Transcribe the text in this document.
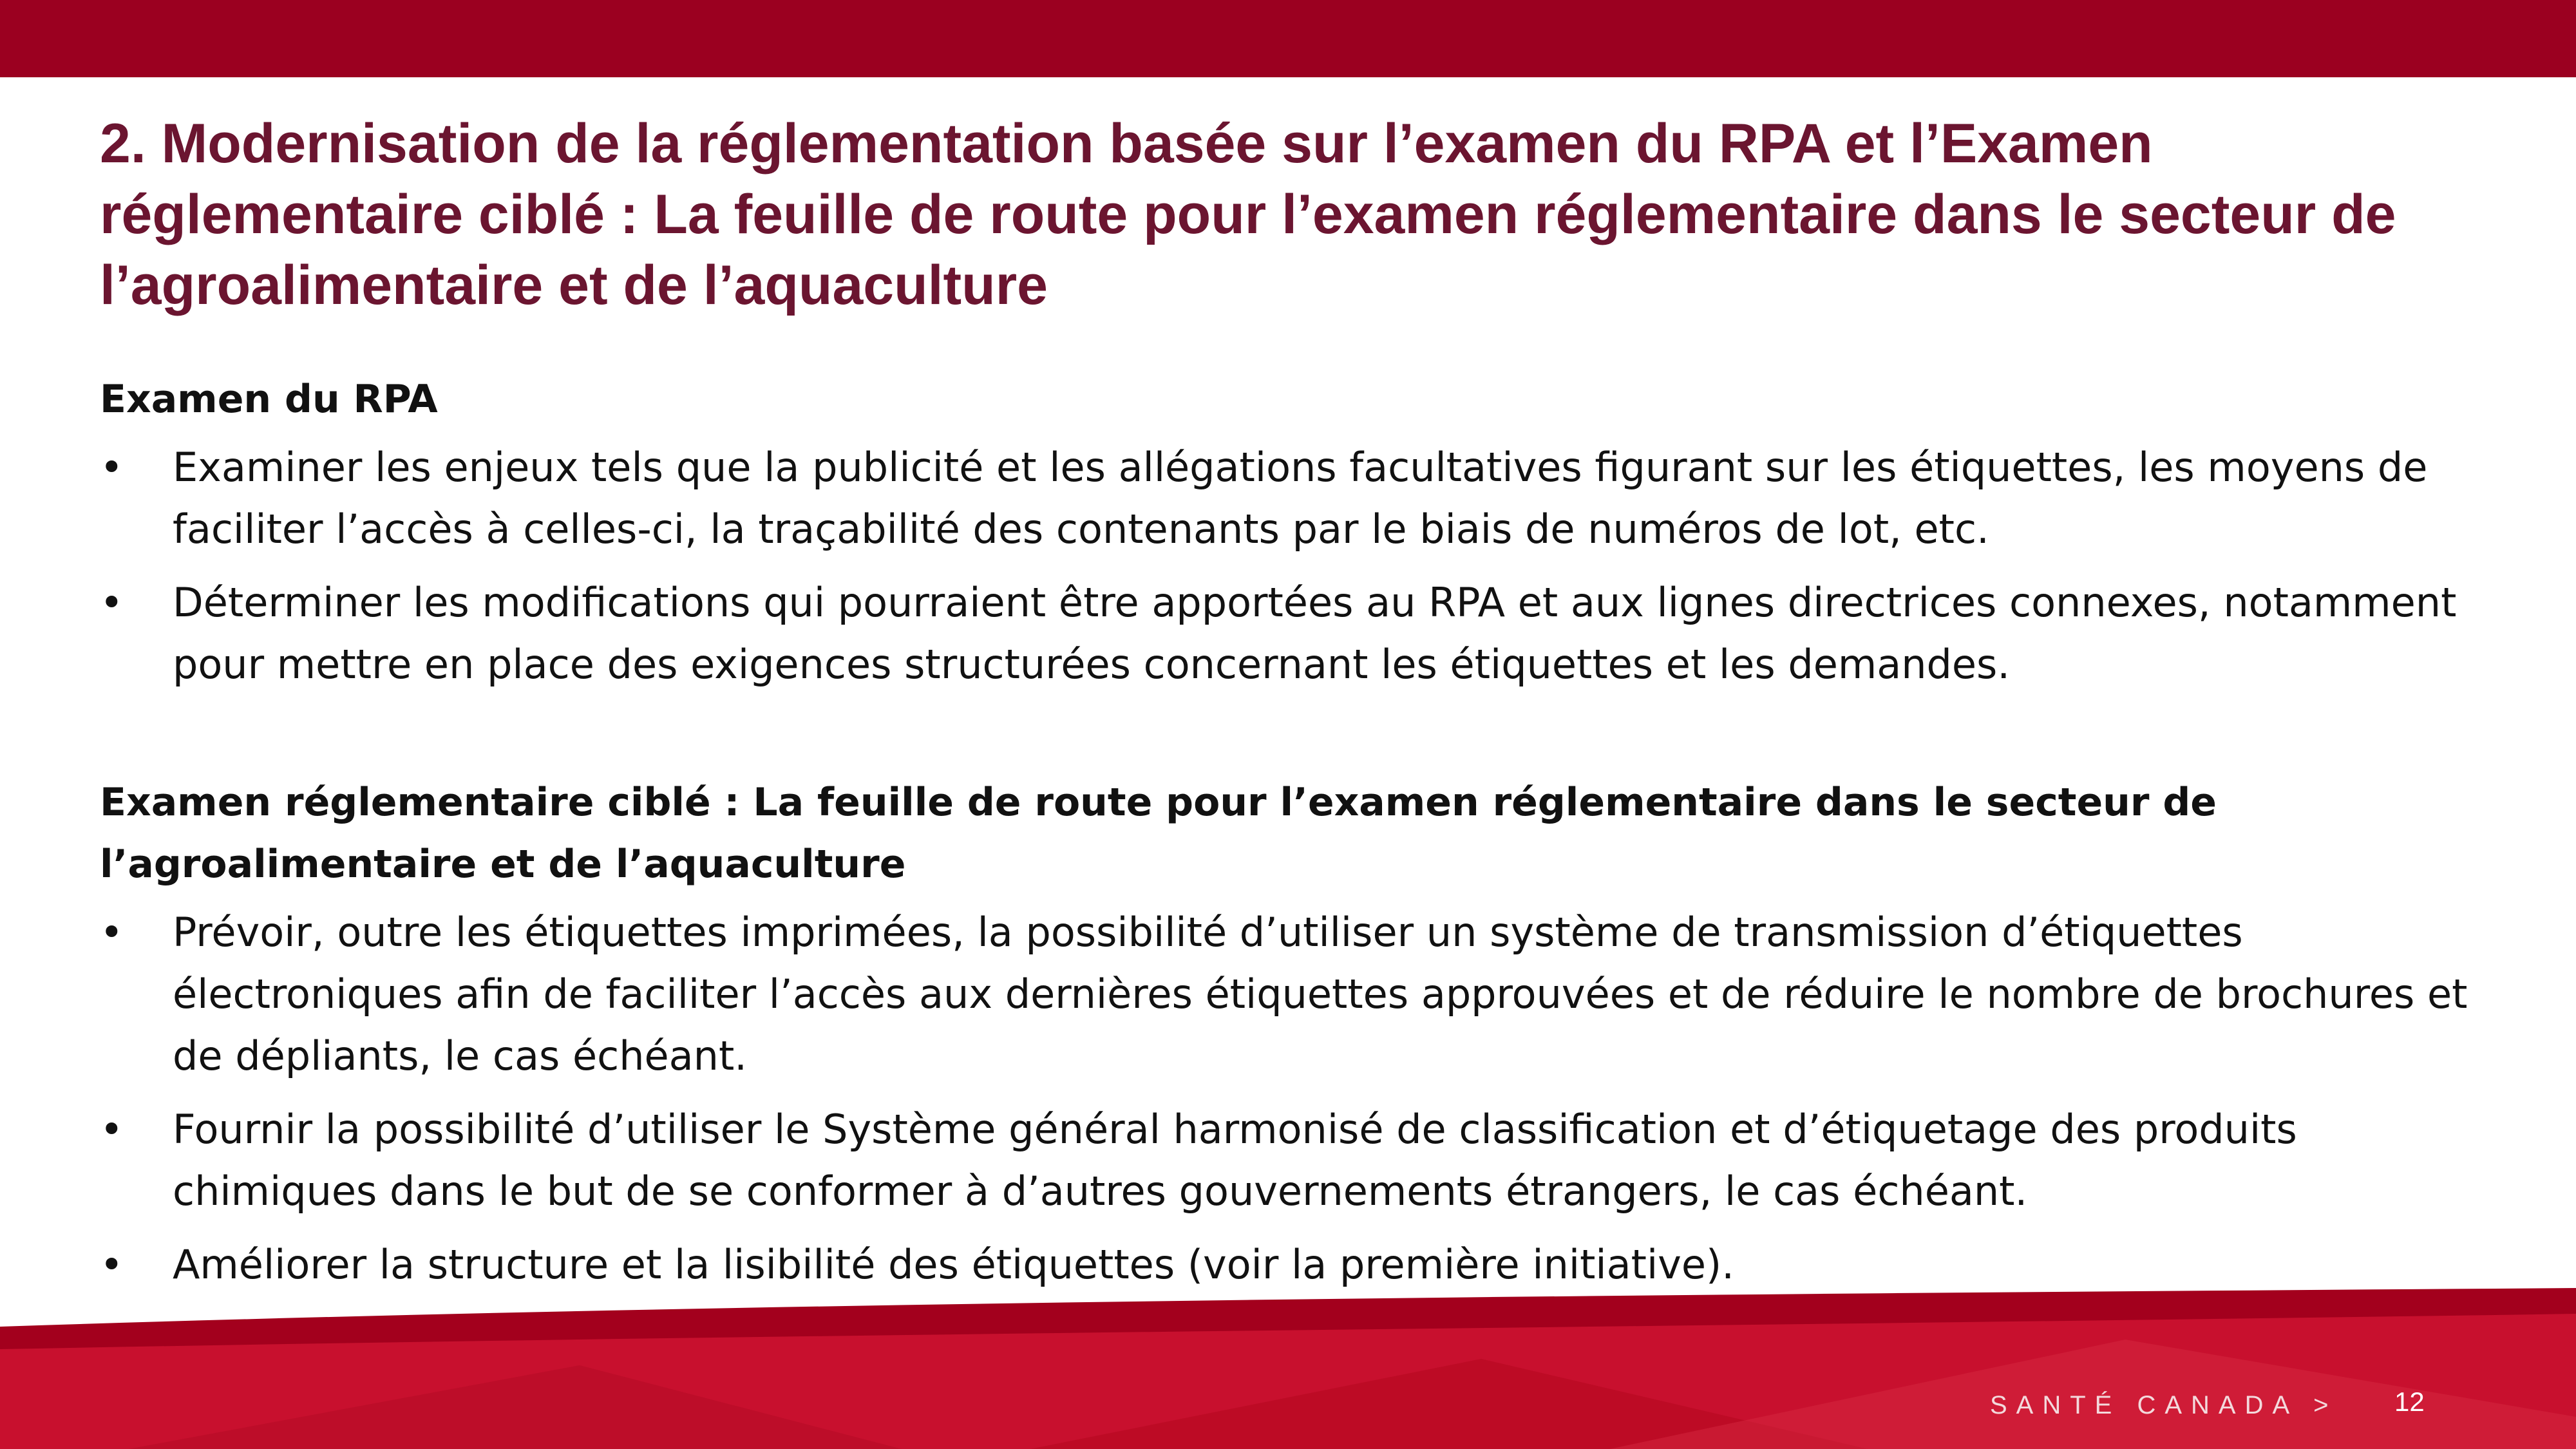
2. Modernisation de la réglementation basée sur l’examen du RPA et l’Examen réglementaire ciblé : La feuille de route pour l’examen réglementaire dans le secteur de l’agroalimentaire et de l’aquaculture
Examen du RPA
•	Examiner les enjeux tels que la publicité et les allégations facultatives figurant sur les étiquettes, les moyens de faciliter l’accès à celles-ci, la traçabilité des contenants par le biais de numéros de lot, etc.
•	Déterminer les modifications qui pourraient être apportées au RPA et aux lignes directrices connexes, notamment pour mettre en place des exigences structurées concernant les étiquettes et les demandes.
Examen réglementaire ciblé : La feuille de route pour l’examen réglementaire dans le secteur de l’agroalimentaire et de l’aquaculture
•	Prévoir, outre les étiquettes imprimées, la possibilité d’utiliser un système de transmission d’étiquettes électroniques afin de faciliter l’accès aux dernières étiquettes approuvées et de réduire le nombre de brochures et de dépliants, le cas échéant.
•	Fournir la possibilité d’utiliser le Système général harmonisé de classification et d’étiquetage des produits chimiques dans le but de se conformer à d’autres gouvernements étrangers, le cas échéant.
•	Améliorer la structure et la lisibilité des étiquettes (voir la première initiative).
SANTÉ CANADA > 12
